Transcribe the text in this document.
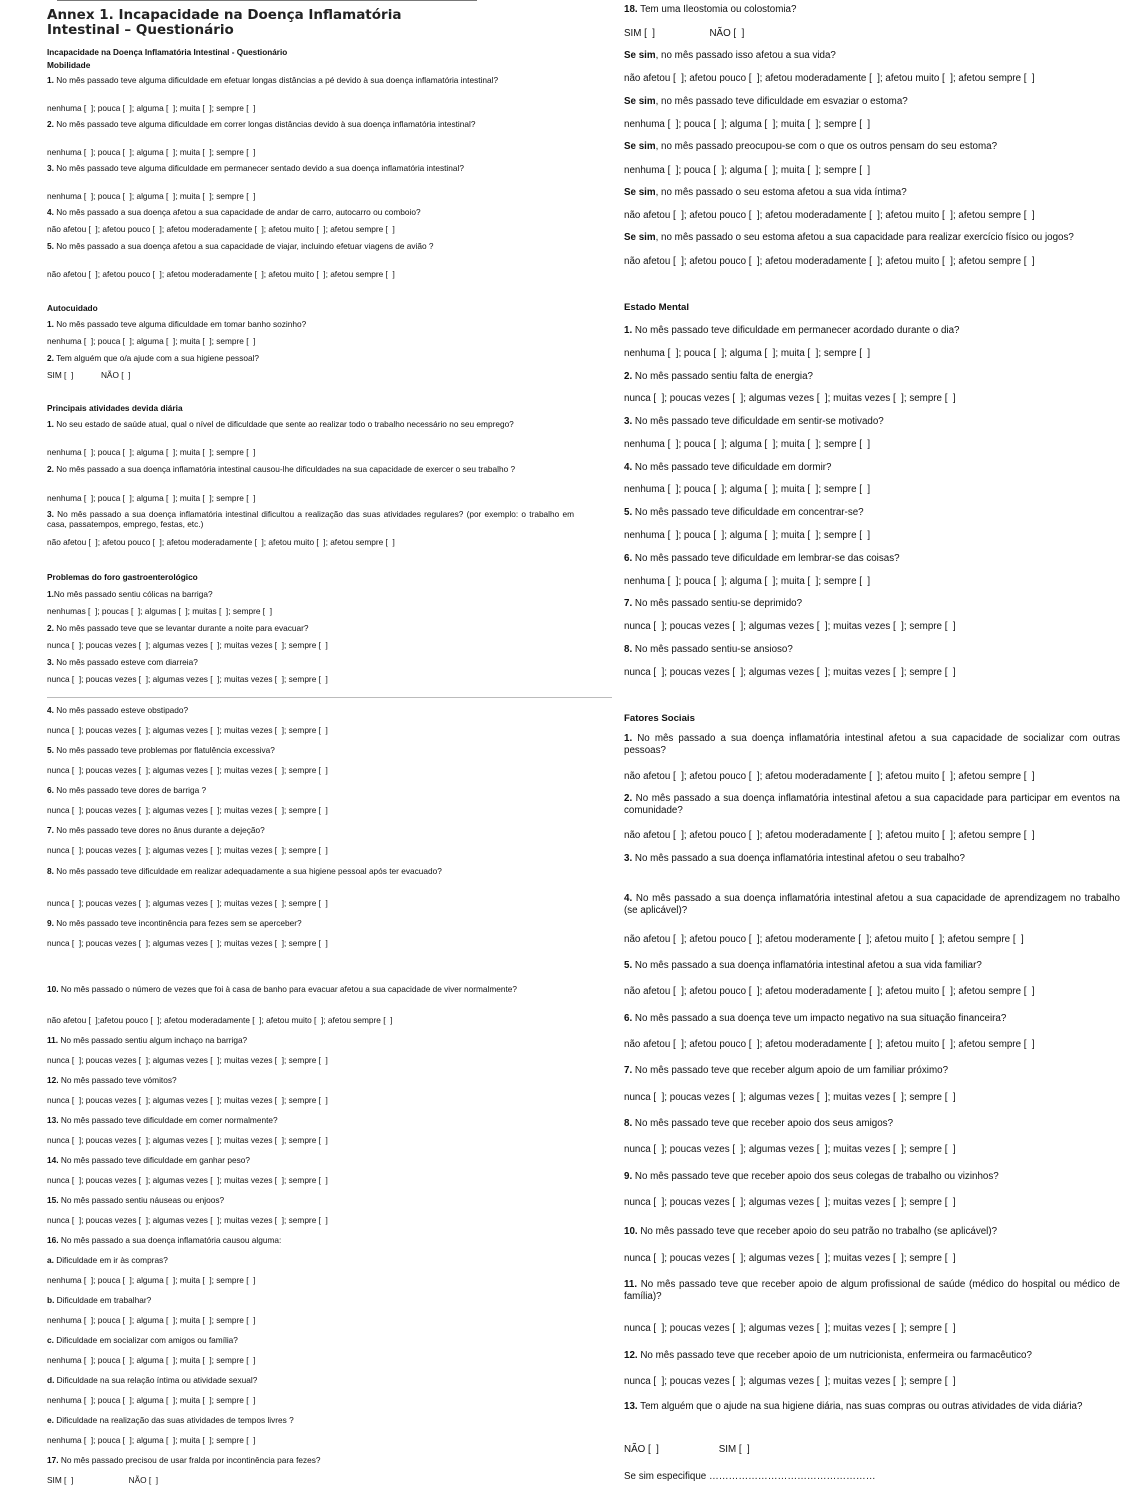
Annex 1. Incapacidade na Doença Inflamatória
Intestinal – Questionário
Incapacidade na Doença Inflamatória Intestinal - Questionário
Mobilidade
1. No mês passado teve alguma dificuldade em efetuar longas distâncias a pé devido à sua doença inflamatória intestinal?
nenhuma [  ]; pouca [  ]; alguma [  ]; muita [  ]; sempre [  ]
2. No mês passado teve alguma dificuldade em correr longas distâncias devido à sua doença inflamatória intestinal?
nenhuma [  ]; pouca [  ]; alguma [  ]; muita [  ]; sempre [  ]
3. No mês passado teve alguma dificuldade em permanecer sentado devido a sua doença inflamatória intestinal?
nenhuma [  ]; pouca [  ]; alguma [  ]; muita [  ]; sempre [  ]
4. No mês passado a sua doença afetou a sua capacidade de andar de carro, autocarro ou comboio?
não afetou [  ]; afetou pouco [  ]; afetou moderadamente [  ]; afetou muito [  ]; afetou sempre [  ]
5. No mês passado a sua doença afetou a sua capacidade de viajar, incluindo efetuar viagens de avião ?
não afetou [  ]; afetou pouco [  ]; afetou moderadamente [  ]; afetou muito [  ]; afetou sempre [  ]
Autocuidado
1. No mês passado teve alguma dificuldade em tomar banho sozinho?
nenhuma [  ]; pouca [  ]; alguma [  ]; muita [  ]; sempre [  ]
2. Tem alguém que o/a ajude com a sua higiene pessoal?
SIM [  ]            NÃO [  ]
Principais atividades devida diária
1. No seu estado de saúde atual, qual o nível de dificuldade que sente ao realizar todo o trabalho necessário no seu emprego?
nenhuma [  ]; pouca [  ]; alguma [  ]; muita [  ]; sempre [  ]
2. No mês passado a sua doença inflamatória intestinal causou-lhe dificuldades na sua capacidade de exercer o seu trabalho ?
nenhuma [  ]; pouca [  ]; alguma [  ]; muita [  ]; sempre [  ]
3. No mês passado a sua doença inflamatória intestinal dificultou a realização das suas atividades regulares? (por exemplo: o trabalho em casa, passatempos, emprego, festas, etc.)
não afetou [  ]; afetou pouco [  ]; afetou moderadamente [  ]; afetou muito [  ]; afetou sempre [  ]
Problemas do foro gastroenterológico
1.No mês passado sentiu cólicas na barriga?
nenhumas [  ]; poucas [  ]; algumas [  ]; muitas [  ]; sempre [  ]
2. No mês passado teve que se levantar durante a noite para evacuar?
nunca [  ]; poucas vezes [  ]; algumas vezes [  ]; muitas vezes [  ]; sempre [  ]
3. No mês passado esteve com diarreia?
nunca [  ]; poucas vezes [  ]; algumas vezes [  ]; muitas vezes [  ]; sempre [  ]
4. No mês passado esteve obstipado?
nunca [  ]; poucas vezes [  ]; algumas vezes [  ]; muitas vezes [  ]; sempre [  ]
5. No mês passado teve problemas por flatulência excessiva?
nunca [  ]; poucas vezes [  ]; algumas vezes [  ]; muitas vezes [  ]; sempre [  ]
6. No mês passado teve dores de barriga ?
nunca [  ]; poucas vezes [  ]; algumas vezes [  ]; muitas vezes [  ]; sempre [  ]
7. No mês passado teve dores no ânus durante a dejeção?
nunca [  ]; poucas vezes [  ]; algumas vezes [  ]; muitas vezes [  ]; sempre [  ]
8. No mês passado teve dificuldade em realizar adequadamente a sua higiene pessoal após ter evacuado?
nunca [  ]; poucas vezes [  ]; algumas vezes [  ]; muitas vezes [  ]; sempre [  ]
9. No mês passado teve incontinência para fezes sem se aperceber?
nunca [  ]; poucas vezes [  ]; algumas vezes [  ]; muitas vezes [  ]; sempre [  ]
10. No mês passado o número de vezes que foi à casa de banho para evacuar afetou a sua capacidade de viver normalmente?
não afetou [  ];afetou pouco [  ]; afetou moderadamente [  ]; afetou muito [  ]; afetou sempre [  ]
11. No mês passado sentiu algum inchaço na barriga?
nunca [  ]; poucas vezes [  ]; algumas vezes [  ]; muitas vezes [  ]; sempre [  ]
12. No mês passado teve vómitos?
nunca [  ]; poucas vezes [  ]; algumas vezes [  ]; muitas vezes [  ]; sempre [  ]
13. No mês passado teve dificuldade em comer normalmente?
nunca [  ]; poucas vezes [  ]; algumas vezes [  ]; muitas vezes [  ]; sempre [  ]
14. No mês passado teve dificuldade em ganhar peso?
nunca [  ]; poucas vezes [  ]; algumas vezes [  ]; muitas vezes [  ]; sempre [  ]
15. No mês passado sentiu náuseas ou enjoos?
nunca [  ]; poucas vezes [  ]; algumas vezes [  ]; muitas vezes [  ]; sempre [  ]
16. No mês passado a sua doença inflamatória causou alguma:
a. Dificuldade em ir às compras?
nenhuma [  ]; pouca [  ]; alguma [  ]; muita [  ]; sempre [  ]
b. Dificuldade em trabalhar?
nenhuma [  ]; pouca [  ]; alguma [  ]; muita [  ]; sempre [  ]
c. Dificuldade em socializar com amigos ou família?
nenhuma [  ]; pouca [  ]; alguma [  ]; muita [  ]; sempre [  ]
d. Dificuldade na sua relação íntima ou atividade sexual?
nenhuma [  ]; pouca [  ]; alguma [  ]; muita [  ]; sempre [  ]
e. Dificuldade na realização das suas atividades de tempos livres ?
nenhuma [  ]; pouca [  ]; alguma [  ]; muita [  ]; sempre [  ]
17. No mês passado precisou de usar fralda por incontinência para fezes?
SIM [  ]                        NÃO [  ]
18. Tem uma Ileostomia ou colostomia?
SIM [  ]                    NÃO [  ]
Se sim, no mês passado isso afetou a sua vida?
não afetou [  ]; afetou pouco [  ]; afetou moderadamente [  ]; afetou muito [  ]; afetou sempre [  ]
Se sim, no mês passado teve dificuldade em esvaziar o estoma?
nenhuma [  ]; pouca [  ]; alguma [  ]; muita [  ]; sempre [  ]
Se sim, no mês passado preocupou-se com o que os outros pensam do seu estoma?
nenhuma [  ]; pouca [  ]; alguma [  ]; muita [  ]; sempre [  ]
Se sim, no mês passado o seu estoma afetou a sua vida íntima?
não afetou [  ]; afetou pouco [  ]; afetou moderadamente [  ]; afetou muito [  ]; afetou sempre [  ]
Se sim, no mês passado o seu estoma afetou a sua capacidade para realizar exercício físico ou jogos?
não afetou [  ]; afetou pouco [  ]; afetou moderadamente [  ]; afetou muito [  ]; afetou sempre [  ]
Estado Mental
1. No mês passado teve dificuldade em permanecer acordado durante o dia?
nenhuma [  ]; pouca [  ]; alguma [  ]; muita [  ]; sempre [  ]
2. No mês passado sentiu falta de energia?
nunca [  ]; poucas vezes [  ]; algumas vezes [  ]; muitas vezes [  ]; sempre [  ]
3. No mês passado teve dificuldade em sentir-se motivado?
nenhuma [  ]; pouca [  ]; alguma [  ]; muita [  ]; sempre [  ]
4. No mês passado teve dificuldade em dormir?
nenhuma [  ]; pouca [  ]; alguma [  ]; muita [  ]; sempre [  ]
5. No mês passado teve dificuldade em concentrar-se?
nenhuma [  ]; pouca [  ]; alguma [  ]; muita [  ]; sempre [  ]
6. No mês passado teve dificuldade em lembrar-se das coisas?
nenhuma [  ]; pouca [  ]; alguma [  ]; muita [  ]; sempre [  ]
7. No mês passado sentiu-se deprimido?
nunca [  ]; poucas vezes [  ]; algumas vezes [  ]; muitas vezes [  ]; sempre [  ]
8. No mês passado sentiu-se ansioso?
nunca [  ]; poucas vezes [  ]; algumas vezes [  ]; muitas vezes [  ]; sempre [  ]
Fatores Sociais
1. No mês passado a sua doença inflamatória intestinal afetou a sua capacidade de socializar com outras pessoas?
não afetou [  ]; afetou pouco [  ]; afetou moderadamente [  ]; afetou muito [  ]; afetou sempre [  ]
2. No mês passado a sua doença inflamatória intestinal afetou a sua capacidade para participar em eventos na comunidade?
não afetou [  ]; afetou pouco [  ]; afetou moderadamente [  ]; afetou muito [  ]; afetou sempre [  ]
3. No mês passado a sua doença inflamatória intestinal afetou o seu trabalho?
4. No mês passado a sua doença inflamatória intestinal afetou a sua capacidade de aprendizagem no trabalho (se aplicável)?
não afetou [  ]; afetou pouco [  ]; afetou moderamente [  ]; afetou muito [  ]; afetou sempre [  ]
5. No mês passado a sua doença inflamatória intestinal afetou a sua vida familiar?
não afetou [  ]; afetou pouco [  ]; afetou moderadamente [  ]; afetou muito [  ]; afetou sempre [  ]
6. No mês passado a sua doença teve um impacto negativo na sua situação financeira?
não afetou [  ]; afetou pouco [  ]; afetou moderadamente [  ]; afetou muito [  ]; afetou sempre [  ]
7. No mês passado teve que receber algum apoio de um familiar próximo?
nunca [  ]; poucas vezes [  ]; algumas vezes [  ]; muitas vezes [  ]; sempre [  ]
8. No mês passado teve que receber apoio dos seus amigos?
nunca [  ]; poucas vezes [  ]; algumas vezes [  ]; muitas vezes [  ]; sempre [  ]
9. No mês passado teve que receber apoio dos seus colegas de trabalho ou vizinhos?
nunca [  ]; poucas vezes [  ]; algumas vezes [  ]; muitas vezes [  ]; sempre [  ]
10. No mês passado teve que receber apoio do seu patrão no trabalho (se aplicável)?
nunca [  ]; poucas vezes [  ]; algumas vezes [  ]; muitas vezes [  ]; sempre [  ]
11. No mês passado teve que receber apoio de algum profissional de saúde (médico do hospital ou médico de família)?
nunca [  ]; poucas vezes [  ]; algumas vezes [  ]; muitas vezes [  ]; sempre [  ]
12. No mês passado teve que receber apoio de um nutricionista, enfermeira ou farmacêutico?
nunca [  ]; poucas vezes [  ]; algumas vezes [  ]; muitas vezes [  ]; sempre [  ]
13. Tem alguém que o ajude na sua higiene diária, nas suas compras ou outras atividades de vida diária?
NÃO [  ]                      SIM [  ]
Se sim especifique ……………………………………………
